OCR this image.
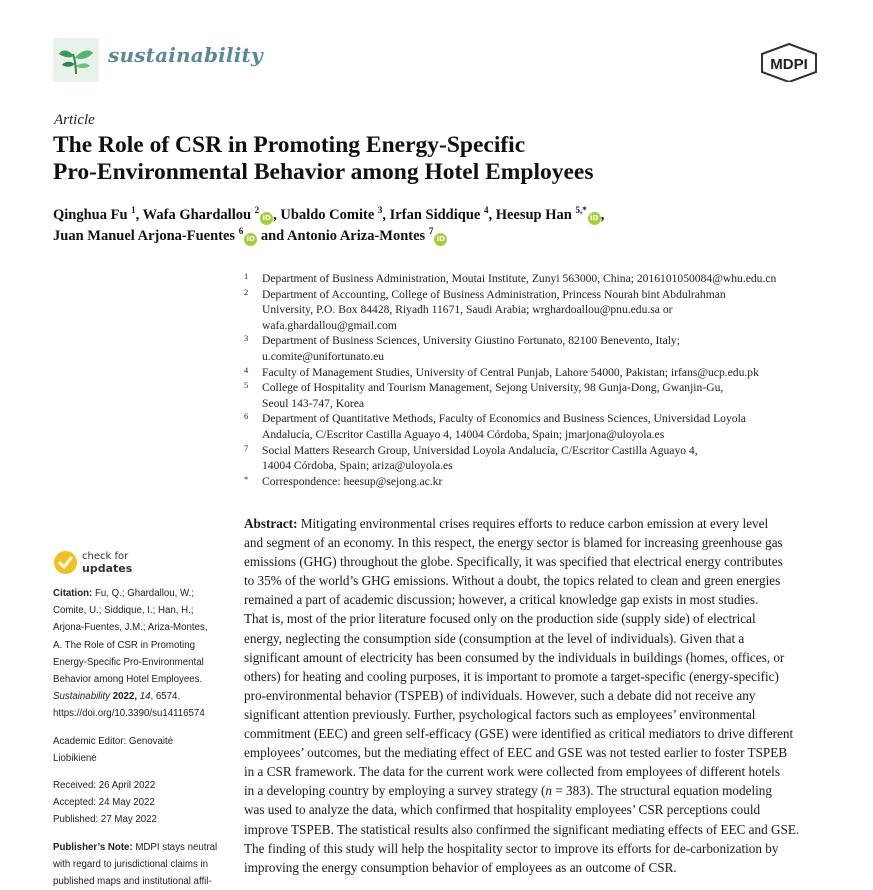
sustainability	MDPI
Article
The Role of CSR in Promoting Energy-Specific
Pro-Environmental Behavior among Hotel Employees
Qinghua Fu $^1$, Wafa Ghardallou $^2$iD , Ubaldo Comite $^3$, Irfan Siddique $^4$, Heesup Han $^{5,*}$iD ,
Juan Manuel Arjona-Fuentes $^6$iD and Antonio Ariza-Montes $^7$iD
1 Department of Business Administration, Moutai Institute, Zunyi 563000, China; 2016101050084@whu.edu.cn
2 Department of Accounting, College of Business Administration, Princess Nourah bint Abdulrahman
University, P.O. Box 84428, Riyadh 11671, Saudi Arabia; wrghardoallou@pnu.edu.sa or
wafa.ghardallou@gmail.com
3 Department of Business Sciences, University Giustino Fortunato, 82100 Benevento, Italy;
u.comite@unifortunato.eu
4 Faculty of Management Studies, University of Central Punjab, Lahore 54000, Pakistan; irfans@ucp.edu.pk
5 College of Hospitality and Tourism Management, Sejong University, 98 Gunja-Dong, Gwanjin-Gu,
Seoul 143-747, Korea
6 Department of Quantitative Methods, Faculty of Economics and Business Sciences, Universidad Loyola
Andalucía, C/Escritor Castilla Aguayo 4, 14004 Córdoba, Spain; jmarjona@uloyola.es
7 Social Matters Research Group, Universidad Loyola Andalucía, C/Escritor Castilla Aguayo 4,
14004 Córdoba, Spain; ariza@uloyola.es
* Correspondence: heesup@sejong.ac.kr
Abstract: Mitigating environmental crises requires efforts to reduce carbon emission at every level
and segment of an economy. In this respect, the energy sector is blamed for increasing greenhouse gas
emissions (GHG) throughout the globe. Specifically, it was specified that electrical energy contributes
to 35% of the world’s GHG emissions. Without a doubt, the topics related to clean and green energies
remained a part of academic discussion; however, a critical knowledge gap exists in most studies.
That is, most of the prior literature focused only on the production side (supply side) of electrical
energy, neglecting the consumption side (consumption at the level of individuals). Given that a
significant amount of electricity has been consumed by the individuals in buildings (homes, offices, or
others) for heating and cooling purposes, it is important to promote a target-specific (energy-specific)
pro-environmental behavior (TSPEB) of individuals. However, such a debate did not receive any
significant attention previously. Further, psychological factors such as employees’ environmental
commitment (EEC) and green self-efficacy (GSE) were identified as critical mediators to drive different
employees’ outcomes, but the mediating effect of EEC and GSE was not tested earlier to foster TSPEB
in a CSR framework. The data for the current work were collected from employees of different hotels
in a developing country by employing a survey strategy (n = 383). The structural equation modeling
was used to analyze the data, which confirmed that hospitality employees’ CSR perceptions could
improve TSPEB. The statistical results also confirmed the significant mediating effects of EEC and GSE.
The finding of this study will help the hospitality sector to improve its efforts for de-carbonization by
improving the energy consumption behavior of employees as an outcome of CSR.
check for
updates
Citation: Fu, Q.; Ghardallou, W.;
Comite, U.; Siddique, I.; Han, H.;
Arjona-Fuentes, J.M.; Ariza-Montes,
A. The Role of CSR in Promoting
Energy-Specific Pro-Environmental
Behavior among Hotel Employees.
Sustainability 2022, 14, 6574.
https://doi.org/10.3390/su14116574
Academic Editor: Genovaitė
Liobikienė
Received: 26 April 2022
Accepted: 24 May 2022
Published: 27 May 2022
Publisher’s Note: MDPI stays neutral
with regard to jurisdictional claims in
published maps and institutional affil-
